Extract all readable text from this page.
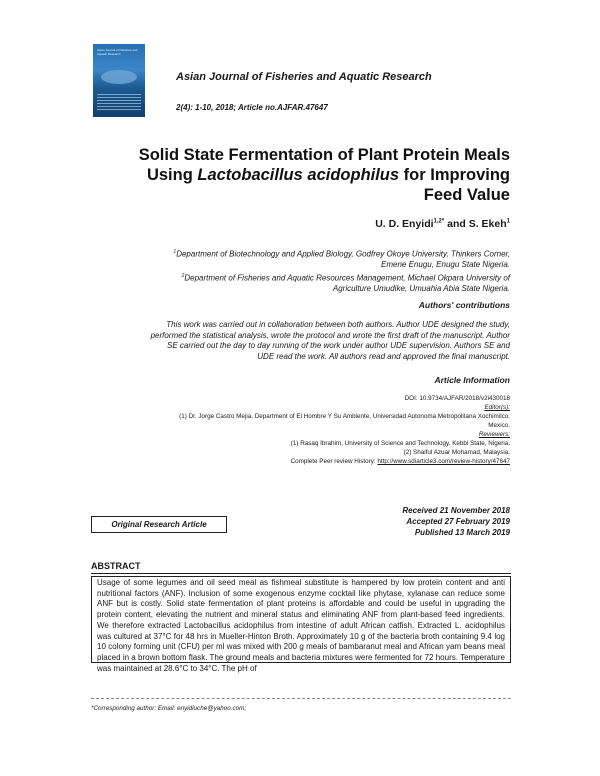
Asian Journal of Fisheries and Aquatic Research
Asian Journal of Fisheries and Aquatic Research
2(4): 1-10, 2018; Article no.AJFAR.47647
Solid State Fermentation of Plant Protein Meals
Using Lactobacillus acidophilus for Improving
Feed Value
U. D. Enyidi$^{1,2*}$ and S. Ekeh$^1$
$^1$Department of Biotechnology and Applied Biology, Godfrey Okoye University, Thinkers Corner,
Emene Enugu, Enugu State Nigeria.
$^2$Department of Fisheries and Aquatic Resources Management, Michael Okpara University of
Agriculture Umudike, Umuahia Abia State Nigeria.
Authors' contributions
This work was carried out in collaboration between both authors. Author UDE designed the study,
performed the statistical analysis, wrote the protocol and wrote the first draft of the manuscript. Author
SE carried out the day to day running of the work under author UDE supervision. Authors SE and
UDE read the work. All authors read and approved the final manuscript.
Article Information
DOI: 10.9734/AJFAR/2018/v2i430018
Editor(s):
(1) Dr. Jorge Castro Mejia, Department of El Hombre Y Su Ambiente, Universidad Autonoma Metropolitana Xochimilco.
Mexico.
Reviewers:
(1) Rasaq Ibrahim, University of Science and Technology, Kebbi State, Nigeria.
(2) Shaiful Azuar Mohamad, Malaysia.
Complete Peer review History: http://www.sdiarticle3.com/review-history/47647
Received 21 November 2018
Accepted 27 February 2019
Published 13 March 2019
Original Research Article
ABSTRACT

Usage of some legumes and oil seed meal as fishmeal substitute is hampered by low protein content and anti nutritional factors (ANF). Inclusion of some exogenous enzyme cocktail like phytase, xylanase can reduce some ANF but is costly. Solid state fermentation of plant proteins is affordable and could be useful in upgrading the protein content, elevating the nutrient and mineral status and eliminating ANF from plant-based feed ingredients. We therefore extracted Lactobacillus acidophilus from intestine of adult African catfish. Extracted L. acidophilus was cultured at 37°C for 48 hrs in Mueller-Hinton Broth. Approximately 10 g of the bacteria broth containing 9.4 log 10 colony forming unit (CFU) per ml was mixed with 200 g meals of bambaranut meal and African yam beans meal placed in a brown bottom flask. The ground meals and bacteria mixtures were fermented for 72 hours. Temperature was maintained at 28.6°C to 34°C. The pH of

*Corresponding author: Email: enyidiuche@yahoo.com;
